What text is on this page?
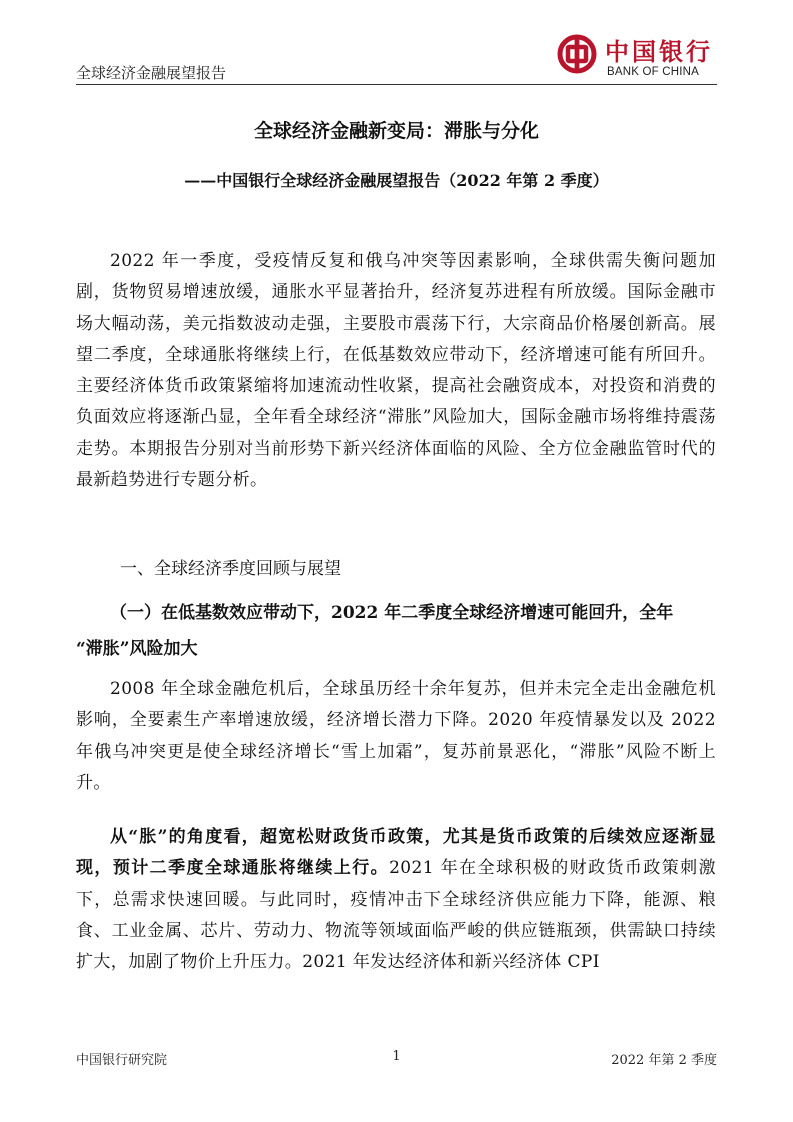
全球经济金融展望报告
中国银行
BANK OF CHINA
全球经济金融新变局：滞胀与分化
——中国银行全球经济金融展望报告（2022 年第 2 季度）
2022 年一季度，受疫情反复和俄乌冲突等因素影响，全球供需失衡问题加剧，货物贸易增速放缓，通胀水平显著抬升，经济复苏进程有所放缓。国际金融市场大幅动荡，美元指数波动走强，主要股市震荡下行，大宗商品价格屡创新高。展望二季度，全球通胀将继续上行，在低基数效应带动下，经济增速可能有所回升。主要经济体货币政策紧缩将加速流动性收紧，提高社会融资成本，对投资和消费的负面效应将逐渐凸显，全年看全球经济“滞胀”风险加大，国际金融市场将维持震荡走势。本期报告分别对当前形势下新兴经济体面临的风险、全方位金融监管时代的最新趋势进行专题分析。
一、全球经济季度回顾与展望
（一）在低基数效应带动下，2022 年二季度全球经济增速可能回升，全年
“滞胀”风险加大
2008 年全球金融危机后，全球虽历经十余年复苏，但并未完全走出金融危机影响，全要素生产率增速放缓，经济增长潜力下降。2020 年疫情暴发以及 2022 年俄乌冲突更是使全球经济增长“雪上加霜”，复苏前景恶化，“滞胀”风险不断上升。
从“胀”的角度看，超宽松财政货币政策，尤其是货币政策的后续效应逐渐显现，预计二季度全球通胀将继续上行。2021 年在全球积极的财政货币政策刺激下，总需求快速回暖。与此同时，疫情冲击下全球经济供应能力下降，能源、粮食、工业金属、芯片、劳动力、物流等领域面临严峻的供应链瓶颈，供需缺口持续扩大，加剧了物价上升压力。2021 年发达经济体和新兴经济体 CPI
中国银行研究院	1	2022 年第 2 季度
